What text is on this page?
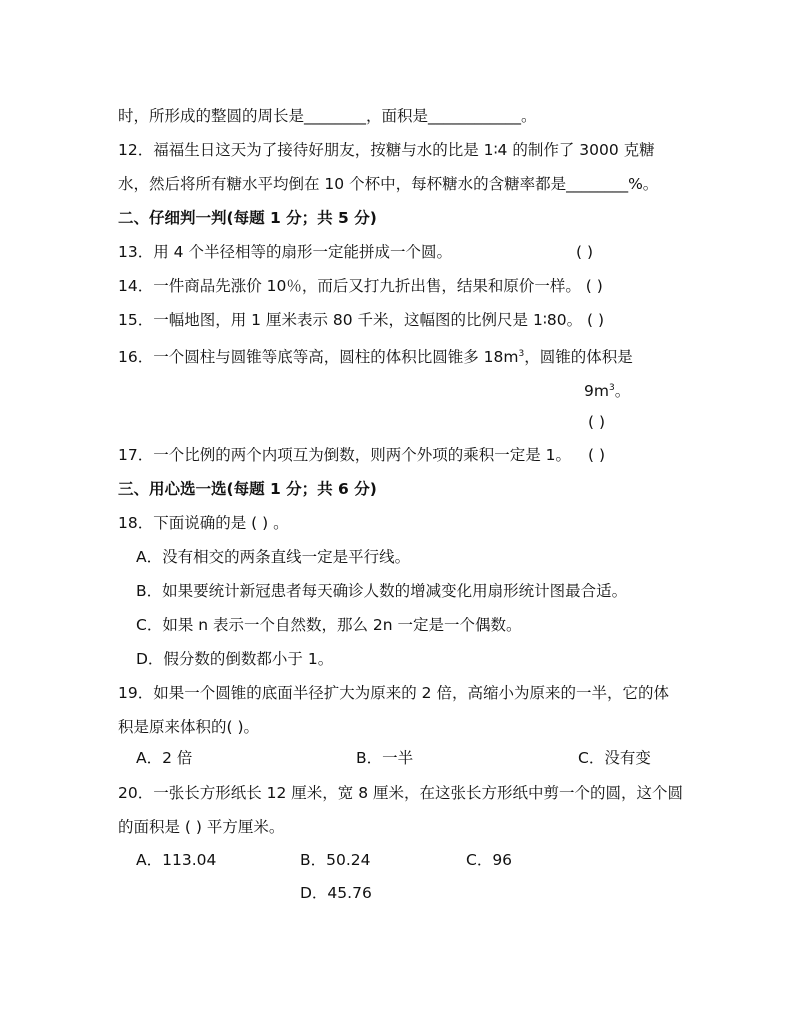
时，所形成的整圆的周长是________，面积是____________。
12．福福生日这天为了接待好朋友，按糖与水的比是 1∶4 的制作了 3000 克糖
水，然后将所有糖水平均倒在 10 个杯中，每杯糖水的含糖率都是________%。
二、仔细判一判(每题 1 分；共 5 分)
13．用 4 个半径相等的扇形一定能拼成一个圆。	( )
14．一件商品先涨价 10％，而后又打九折出售，结果和原价一样。 ( )
15．一幅地图，用 1 厘米表示 80 千米，这幅图的比例尺是 1∶80。 ( )
16．一个圆柱与圆锥等底等高，圆柱的体积比圆锥多 $18m^3$，圆锥的体积是
$9m^3$。
( )
17．一个比例的两个内项互为倒数，则两个外项的乘积一定是 1。 ( )
三、用心选一选(每题 1 分；共 6 分)
18．下面说确的是 ( ) 。
A．没有相交的两条直线一定是平行线。
B．如果要统计新冠患者每天确诊人数的增减变化用扇形统计图最合适。
C．如果 n 表示一个自然数，那么 2n 一定是一个偶数。
D．假分数的倒数都小于 1。
19．如果一个圆锥的底面半径扩大为原来的 2 倍，高缩小为原来的一半，它的体
积是原来体积的( )。
A．2 倍	B．一半	C．没有变
20．一张长方形纸长 12 厘米，宽 8 厘米，在这张长方形纸中剪一个的圆，这个圆
的面积是 ( ) 平方厘米。
A．113.04	B．50.24	C．96
D．45.76
